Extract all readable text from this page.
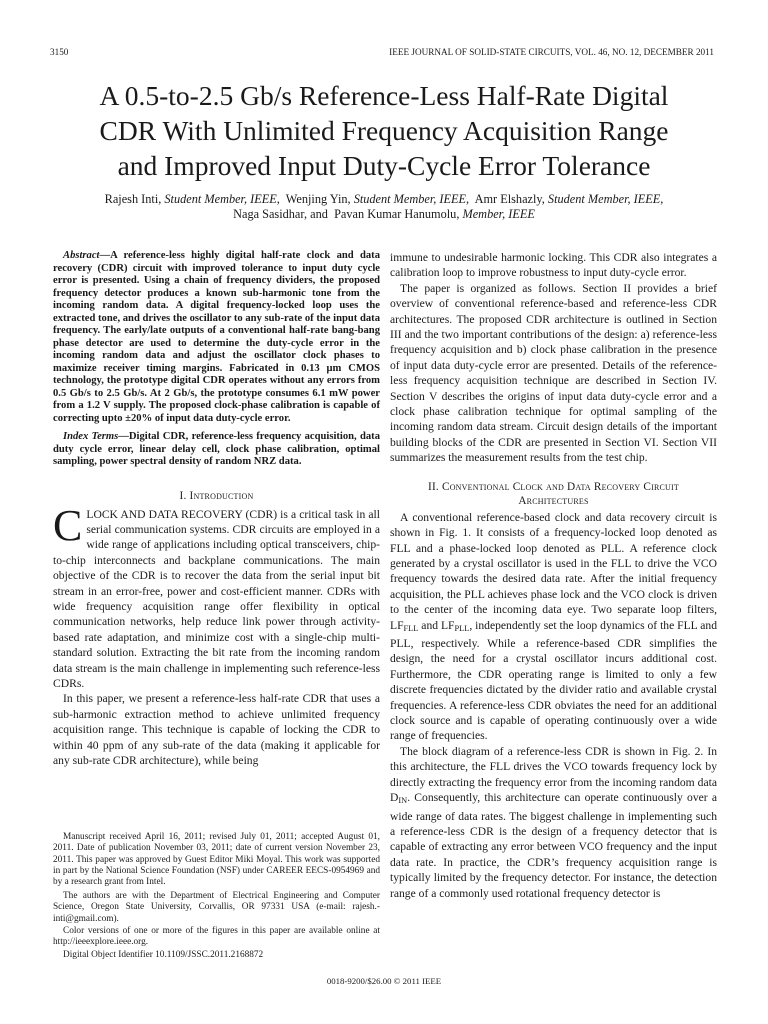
3150	IEEE JOURNAL OF SOLID-STATE CIRCUITS, VOL. 46, NO. 12, DECEMBER 2011
A 0.5-to-2.5 Gb/s Reference-Less Half-Rate Digital
CDR With Unlimited Frequency Acquisition Range
and Improved Input Duty-Cycle Error Tolerance
Rajesh Inti, Student Member, IEEE,  Wenjing Yin, Student Member, IEEE,  Amr Elshazly, Student Member, IEEE,
Naga Sasidhar, and  Pavan Kumar Hanumolu, Member, IEEE

Abstract—A reference-less highly digital half-rate clock and data recovery (CDR) circuit with improved tolerance to input duty cycle error is presented. Using a chain of frequency dividers, the proposed frequency detector produces a known sub-harmonic tone from the incoming random data. A digital frequency-locked loop uses the extracted tone, and drives the oscillator to any sub-rate of the input data frequency. The early/late outputs of a conventional half-rate bang-bang phase detector are used to determine the duty-cycle error in the incoming random data and adjust the oscillator clock phases to maximize receiver timing margins. Fabricated in 0.13 μm CMOS technology, the prototype digital CDR operates without any errors from 0.5 Gb/s to 2.5 Gb/s. At 2 Gb/s, the prototype consumes 6.1 mW power from a 1.2 V supply. The proposed clock-phase calibration is capable of correcting upto ±20% of input data duty-cycle error.

Index Terms—Digital CDR, reference-less frequency acquisition, data duty cycle error, linear delay cell, clock phase calibration, optimal sampling, power spectral density of random NRZ data.

I. Introduction

CLOCK AND DATA RECOVERY (CDR) is a critical task in all serial communication systems. CDR circuits are employed in a wide range of applications including optical transceivers, chip-to-chip interconnects and backplane communications. The main objective of the CDR is to recover the data from the serial input bit stream in an error-free, power and cost-efficient manner. CDRs with wide frequency acquisition range offer flexibility in optical communication networks, help reduce link power through activity-based rate adaptation, and minimize cost with a single-chip multi-standard solution. Extracting the bit rate from the incoming random data stream is the main challenge in implementing such reference-less CDRs.

In this paper, we present a reference-less half-rate CDR that uses a sub-harmonic extraction method to achieve unlimited frequency acquisition range. This technique is capable of locking the CDR to within 40 ppm of any sub-rate of the data (making it applicable for any sub-rate CDR architecture), while being

immune to undesirable harmonic locking. This CDR also integrates a calibration loop to improve robustness to input duty-cycle error.

The paper is organized as follows. Section II provides a brief overview of conventional reference-based and reference-less CDR architectures. The proposed CDR architecture is outlined in Section III and the two important contributions of the design: a) reference-less frequency acquisition and b) clock phase calibration in the presence of input data duty-cycle error are presented. Details of the reference-less frequency acquisition technique are described in Section IV. Section V describes the origins of input data duty-cycle error and a clock phase calibration technique for optimal sampling of the incoming random data stream. Circuit design details of the important building blocks of the CDR are presented in Section VI. Section VII summarizes the measurement results from the test chip.

II. Conventional Clock and Data Recovery Circuit
Architectures

A conventional reference-based clock and data recovery circuit is shown in Fig. 1. It consists of a frequency-locked loop denoted as FLL and a phase-locked loop denoted as PLL. A reference clock generated by a crystal oscillator is used in the FLL to drive the VCO frequency towards the desired data rate. After the initial frequency acquisition, the PLL achieves phase lock and the VCO clock is driven to the center of the incoming data eye. Two separate loop filters, $LF_{FLL}$ and $LF_{PLL}$, independently set the loop dynamics of the FLL and PLL, respectively. While a reference-based CDR simplifies the design, the need for a crystal oscillator incurs additional cost. Furthermore, the CDR operating range is limited to only a few discrete frequencies dictated by the divider ratio and available crystal frequencies. A reference-less CDR obviates the need for an additional clock source and is capable of operating continuously over a wide range of frequencies.

The block diagram of a reference-less CDR is shown in Fig. 2. In this architecture, the FLL drives the VCO towards frequency lock by directly extracting the frequency error from the incoming random data $D_{IN}$. Consequently, this architecture can operate continuously over a wide range of data rates. The biggest challenge in implementing such a reference-less CDR is the design of a frequency detector that is capable of extracting any error between VCO frequency and the input data rate. In practice, the CDR’s frequency acquisition range is typically limited by the frequency detector. For instance, the detection range of a commonly used rotational frequency detector is

Manuscript received April 16, 2011; revised July 01, 2011; accepted August 01, 2011. Date of publication November 03, 2011; date of current version November 23, 2011. This paper was approved by Guest Editor Miki Moyal. This work was supported in part by the National Science Foundation (NSF) under CAREER EECS-0954969 and by a research grant from Intel.

The authors are with the Department of Electrical Engineering and Computer Science, Oregon State University, Corvallis, OR 97331 USA (e-mail: rajesh.inti@gmail.com).

Color versions of one or more of the figures in this paper are available online at http://ieeexplore.ieee.org.

Digital Object Identifier 10.1109/JSSC.2011.2168872

0018-9200/$26.00 © 2011 IEEE
